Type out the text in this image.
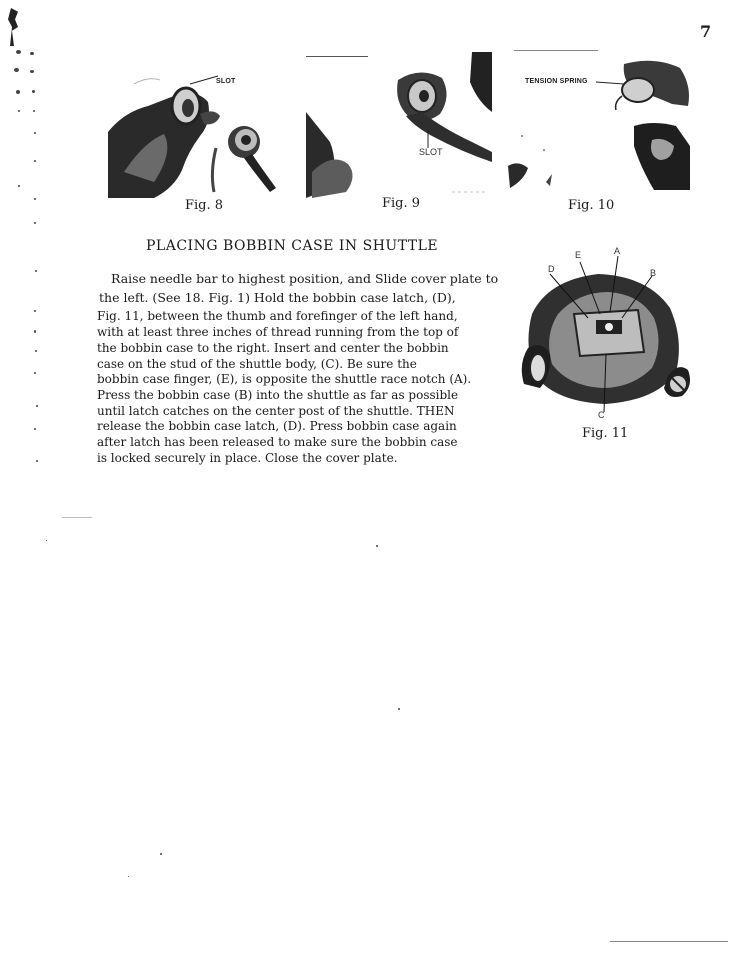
7
SLOT
Fig. 8
SLOT
Fig. 9
TENSION SPRING
Fig. 10
A
B
C
D
E
Fig. 11
PLACING BOBBIN CASE IN SHUTTLE
Raise needle bar to highest position, and Slide cover plate to
the left. (See 18. Fig. 1) Hold the bobbin case latch, (D),
Fig. 11, between the thumb and forefinger of the left hand,
with at least three inches of thread running from the top of
the bobbin case to the right. Insert and center the bobbin
case on the stud of the shuttle body, (C). Be sure the
bobbin case finger, (E), is opposite the shuttle race notch (A).
Press the bobbin case (B) into the shuttle as far as possible
until latch catches on the center post of the shuttle. THEN
release the bobbin case latch, (D). Press bobbin case again
after latch has been released to make sure the bobbin case
is locked securely in place. Close the cover plate.
